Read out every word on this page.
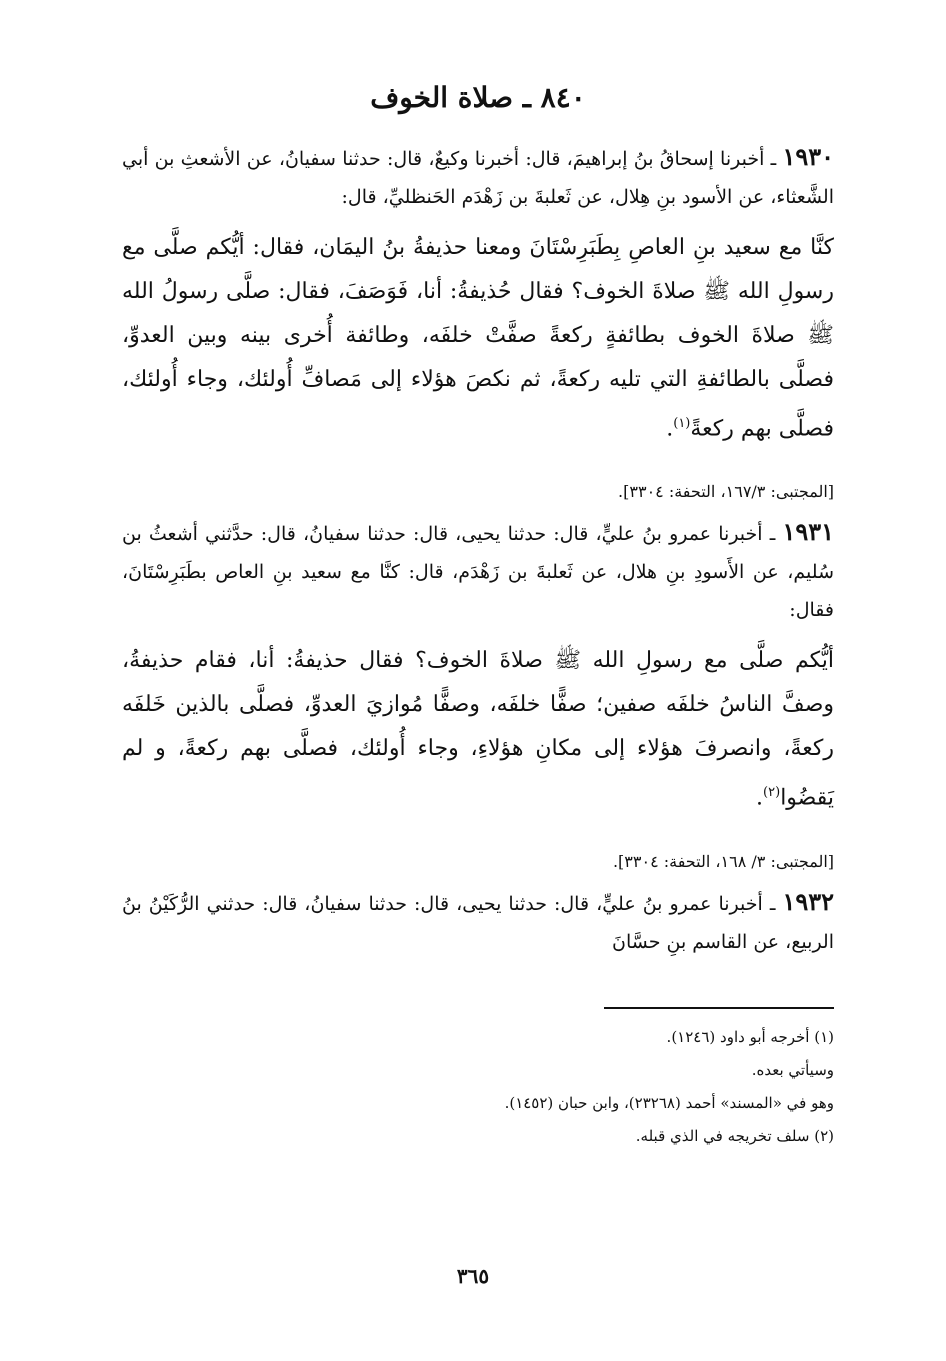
٨٤٠ ـ صلاة الخوف

١٩٣٠ ـ أخبرنا إسحاقُ بنُ إبراهيمَ، قال: أخبرنا وكيعٌ، قال: حدثنا سفيانُ، عن الأشعثِ بن أبي الشَّعثاء، عن الأسود بنِ هِلال، عن ثَعلبةَ بن زَهْدَم الحَنظليِّ، قال:

كنَّا مع سعيد بنِ العاصِ بِطَبَرِسْتَانَ ومعنا حذيفةُ بنُ اليمَان، فقال: أيُّكم صلَّى مع رسولِ الله ﷺ صلاةَ الخوف؟ فقال حُذيفةُ: أنا، فَوَصَفَ، فقال: صلَّى رسولُ الله ﷺ صلاةَ الخوف بطائفةٍ ركعةً صفَّتْ خلفَه، وطائفة أُخرى بينه وبين العدوِّ، فصلَّى بالطائفةِ التي تليه ركعةً، ثم نكصَ هؤلاء إلى مَصافِّ أُولئك، وجاء أُولئك، فصلَّى بهم ركعةً$^{(١)}$.

[المجتبى: ١٦٧/٣، التحفة: ٣٣٠٤].

١٩٣١ ـ أخبرنا عمرو بنُ عليٍّ، قال: حدثنا يحيى، قال: حدثنا سفيانُ، قال: حدَّثني أشعثُ بن سُليم، عن الأَسودِ بنِ هلال، عن ثَعلبةَ بن زَهْدَم، قال: كنَّا مع سعيد بنِ العاص بطَبَرِسْتَانَ، فقال:

أيُّكم صلَّى مع رسولِ الله ﷺ صلاةَ الخوف؟ فقال حذيفةُ: أنا، فقام حذيفةُ، وصفَّ الناسُ خلفَه صفين؛ صفًّا خلفَه، وصفًّا مُوازيَ العدوِّ، فصلَّى بالذين خَلفَه ركعةً، وانصرفَ هؤلاء إلى مكانِ هؤلاءِ، وجاء أُولئك، فصلَّى بهم ركعةً، و لم يَقضُوا$^{(٢)}$.

[المجتبى: ٣/ ١٦٨، التحفة: ٣٣٠٤].

١٩٣٢ ـ أخبرنا عمرو بنُ عليٍّ، قال: حدثنا يحيى، قال: حدثنا سفيانُ، قال: حدثني الرُّكَيْنُ بنُ الربيع، عن القاسم بنِ حسَّانَ

(١) أخرجه أبو داود (١٢٤٦).

وسيأتي بعده.

وهو في «المسند» أحمد (٢٣٢٦٨)، وابن حبان (١٤٥٢).

(٢) سلف تخريجه في الذي قبله.

٣٦٥
